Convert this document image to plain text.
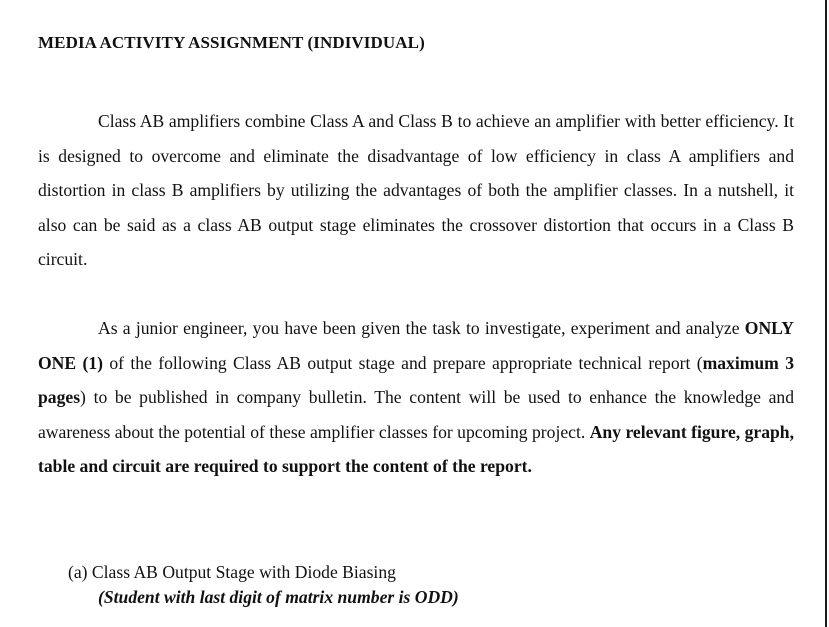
MEDIA ACTIVITY ASSIGNMENT (INDIVIDUAL)

Class AB amplifiers combine Class A and Class B to achieve an amplifier with better efficiency. It is designed to overcome and eliminate the disadvantage of low efficiency in class A amplifiers and distortion in class B amplifiers by utilizing the advantages of both the amplifier classes. In a nutshell, it also can be said as a class AB output stage eliminates the crossover distortion that occurs in a Class B circuit.

As a junior engineer, you have been given the task to investigate, experiment and analyze ONLY ONE (1) of the following Class AB output stage and prepare appropriate technical report (maximum 3 pages) to be published in company bulletin. The content will be used to enhance the knowledge and awareness about the potential of these amplifier classes for upcoming project. Any relevant figure, graph, table and circuit are required to support the content of the report.

(a) Class AB Output Stage with Diode Biasing
(Student with last digit of matrix number is ODD)
